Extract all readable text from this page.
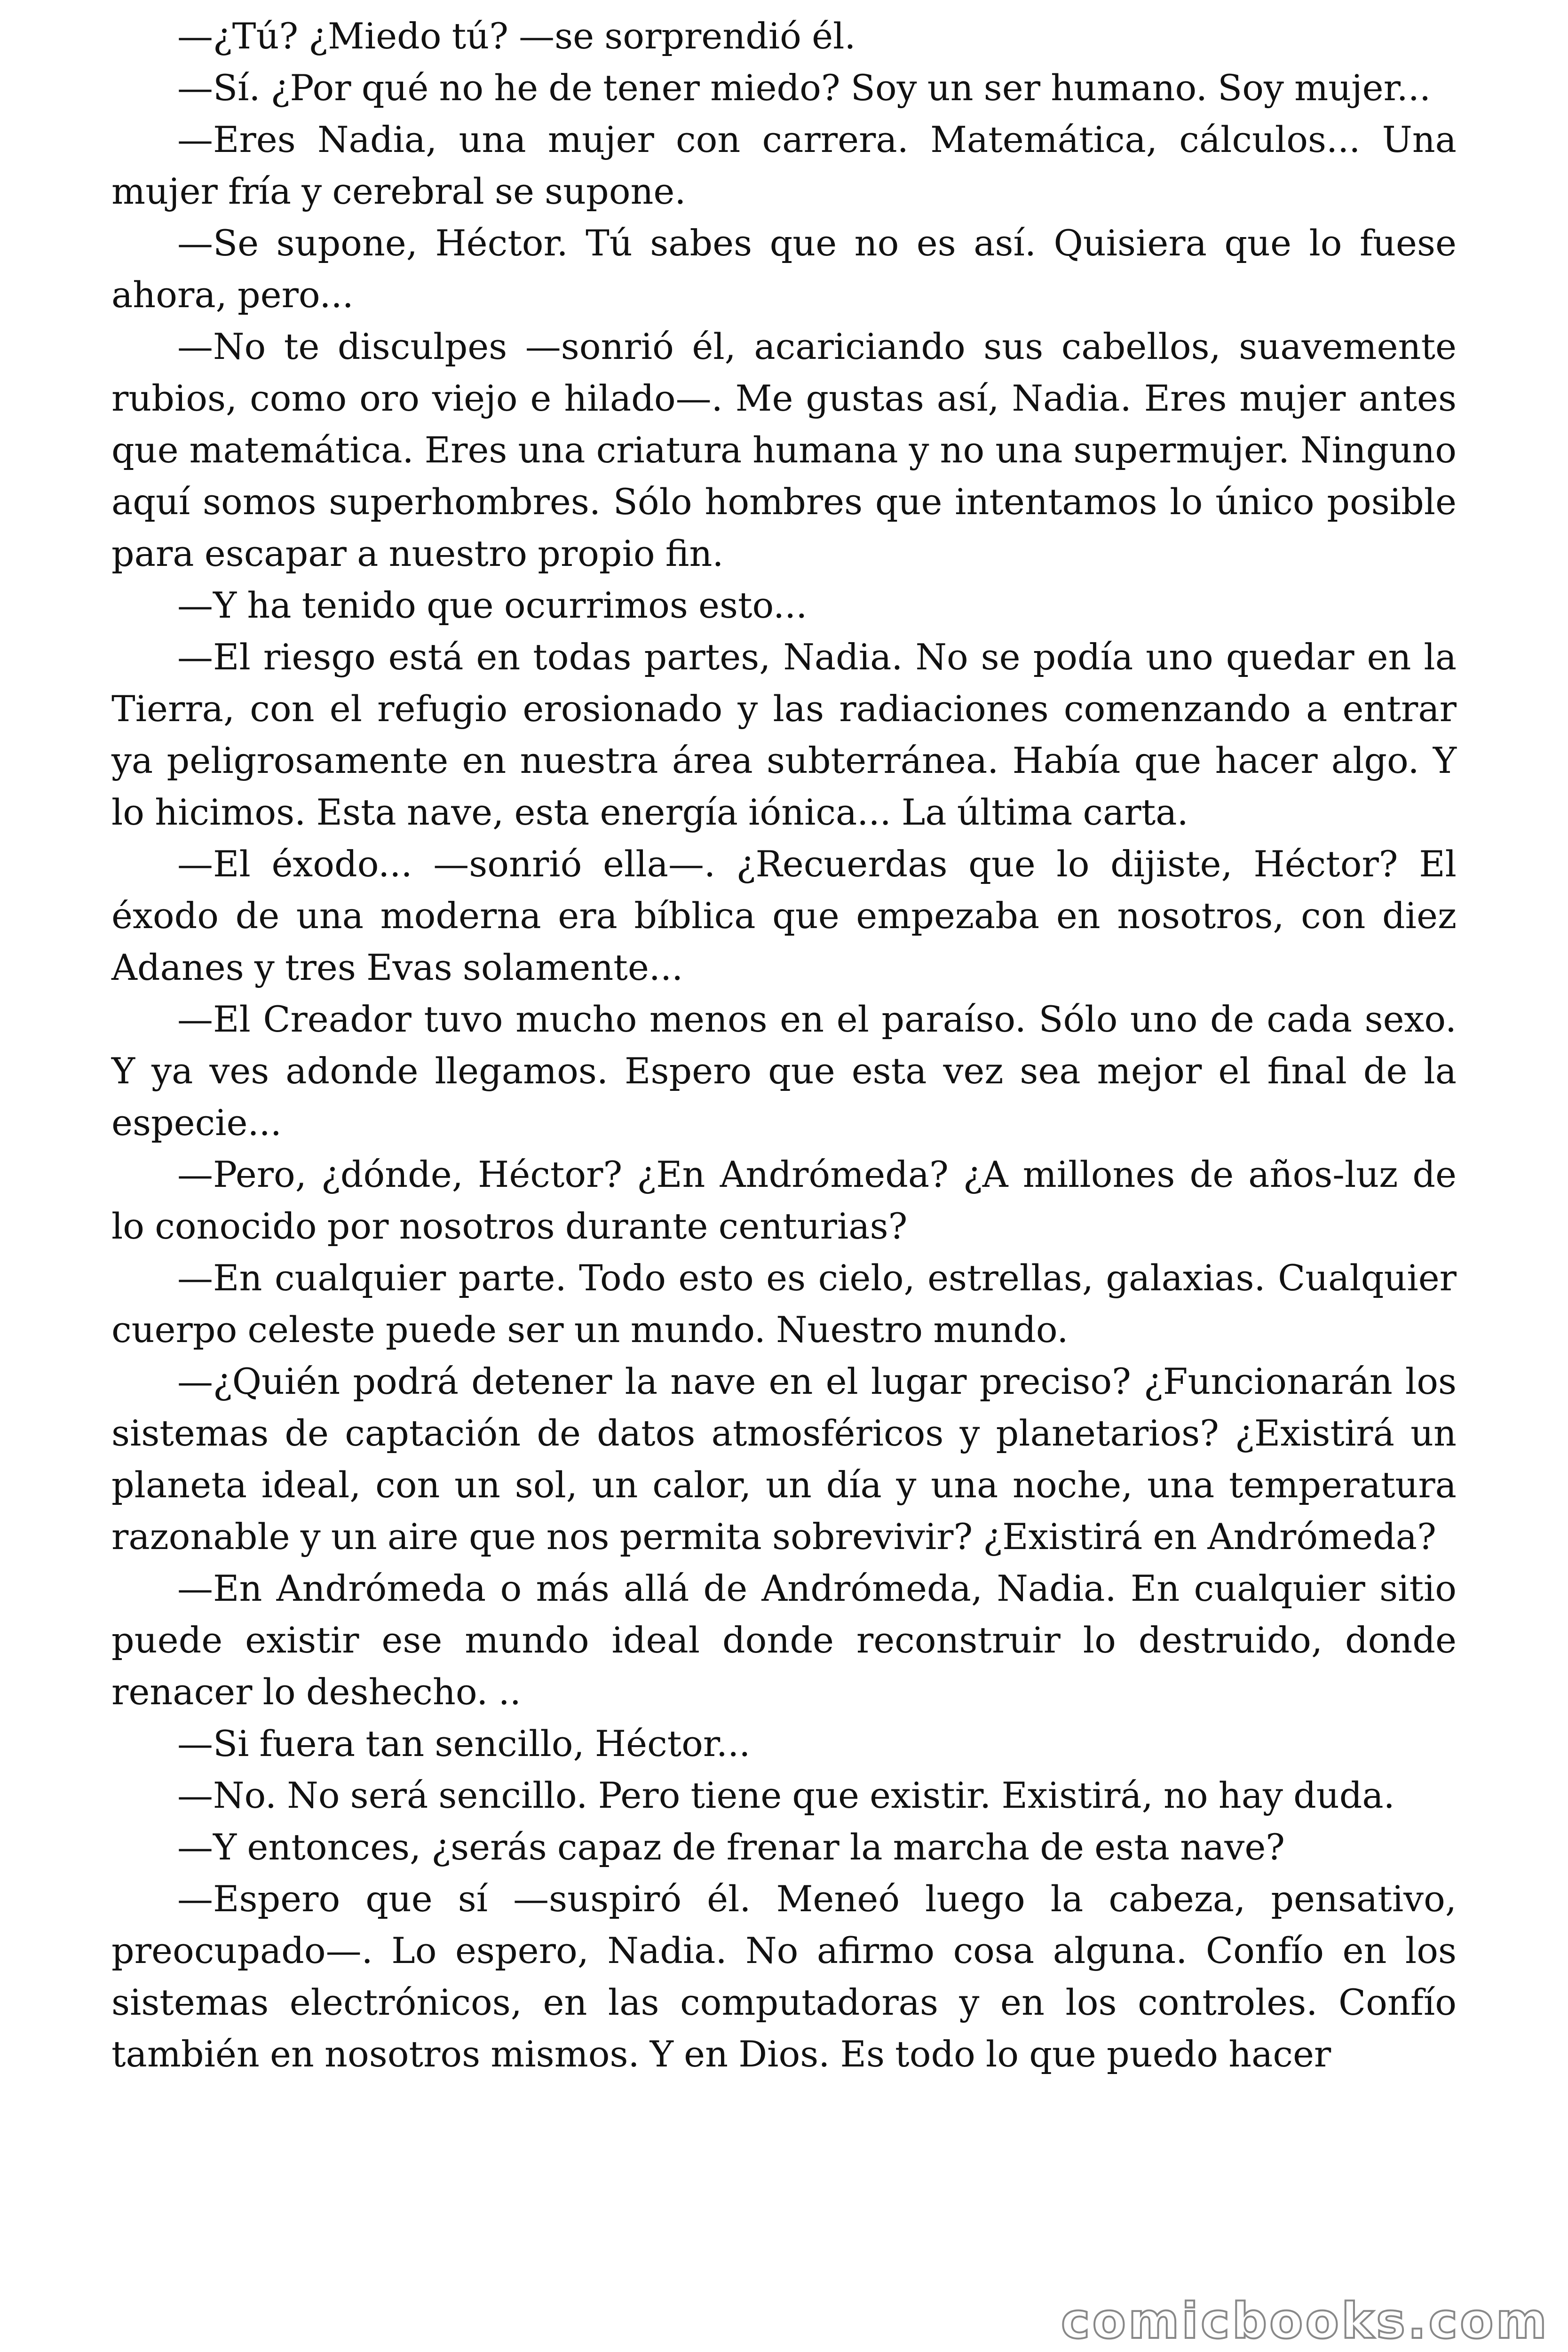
—¿Tú? ¿Miedo tú? —se sorprendió él.

—Sí. ¿Por qué no he de tener miedo? Soy un ser humano. Soy mujer...

—Eres Nadia, una mujer con carrera. Matemática, cálculos... Una mujer fría y cerebral se supone.

—Se supone, Héctor. Tú sabes que no es así. Quisiera que lo fuese ahora, pero...

—No te disculpes —sonrió él, acariciando sus cabellos, suavemente rubios, como oro viejo e hilado—. Me gustas así, Nadia. Eres mujer antes que matemática. Eres una criatura humana y no una supermujer. Ninguno aquí somos superhombres. Sólo hombres que intentamos lo único posible para escapar a nuestro propio fin.

—Y ha tenido que ocurrimos esto...

—El riesgo está en todas partes, Nadia. No se podía uno quedar en la Tierra, con el refugio erosionado y las radiaciones comenzando a entrar ya peligrosamente en nuestra área subterránea. Había que hacer algo. Y lo hicimos. Esta nave, esta energía iónica... La última carta.

—El éxodo... —sonrió ella—. ¿Recuerdas que lo dijiste, Héctor? El éxodo de una moderna era bíblica que empezaba en nosotros, con diez Adanes y tres Evas solamente...

—El Creador tuvo mucho menos en el paraíso. Sólo uno de cada sexo. Y ya ves adonde llegamos. Espero que esta vez sea mejor el final de la especie...

—Pero, ¿dónde, Héctor? ¿En Andrómeda? ¿A millones de años-luz de lo conocido por nosotros durante centurias?

—En cualquier parte. Todo esto es cielo, estrellas, galaxias. Cualquier cuerpo celeste puede ser un mundo. Nuestro mundo.

—¿Quién podrá detener la nave en el lugar preciso? ¿Funcionarán los sistemas de captación de datos atmosféricos y planetarios? ¿Existirá un planeta ideal, con un sol, un calor, un día y una noche, una temperatura razonable y un aire que nos permita sobrevivir? ¿Existirá en Andrómeda?

—En Andrómeda o más allá de Andrómeda, Nadia. En cualquier sitio puede existir ese mundo ideal donde reconstruir lo destruido, donde renacer lo deshecho. ..

—Si fuera tan sencillo, Héctor...

—No. No será sencillo. Pero tiene que existir. Existirá, no hay duda.

—Y entonces, ¿serás capaz de frenar la marcha de esta nave?

—Espero que sí —suspiró él. Meneó luego la cabeza, pensativo, preocupado—. Lo espero, Nadia. No afirmo cosa alguna. Confío en los sistemas electrónicos, en las computadoras y en los controles. Confío también en nosotros mismos. Y en Dios. Es todo lo que puedo hacer

comicbooks.com
